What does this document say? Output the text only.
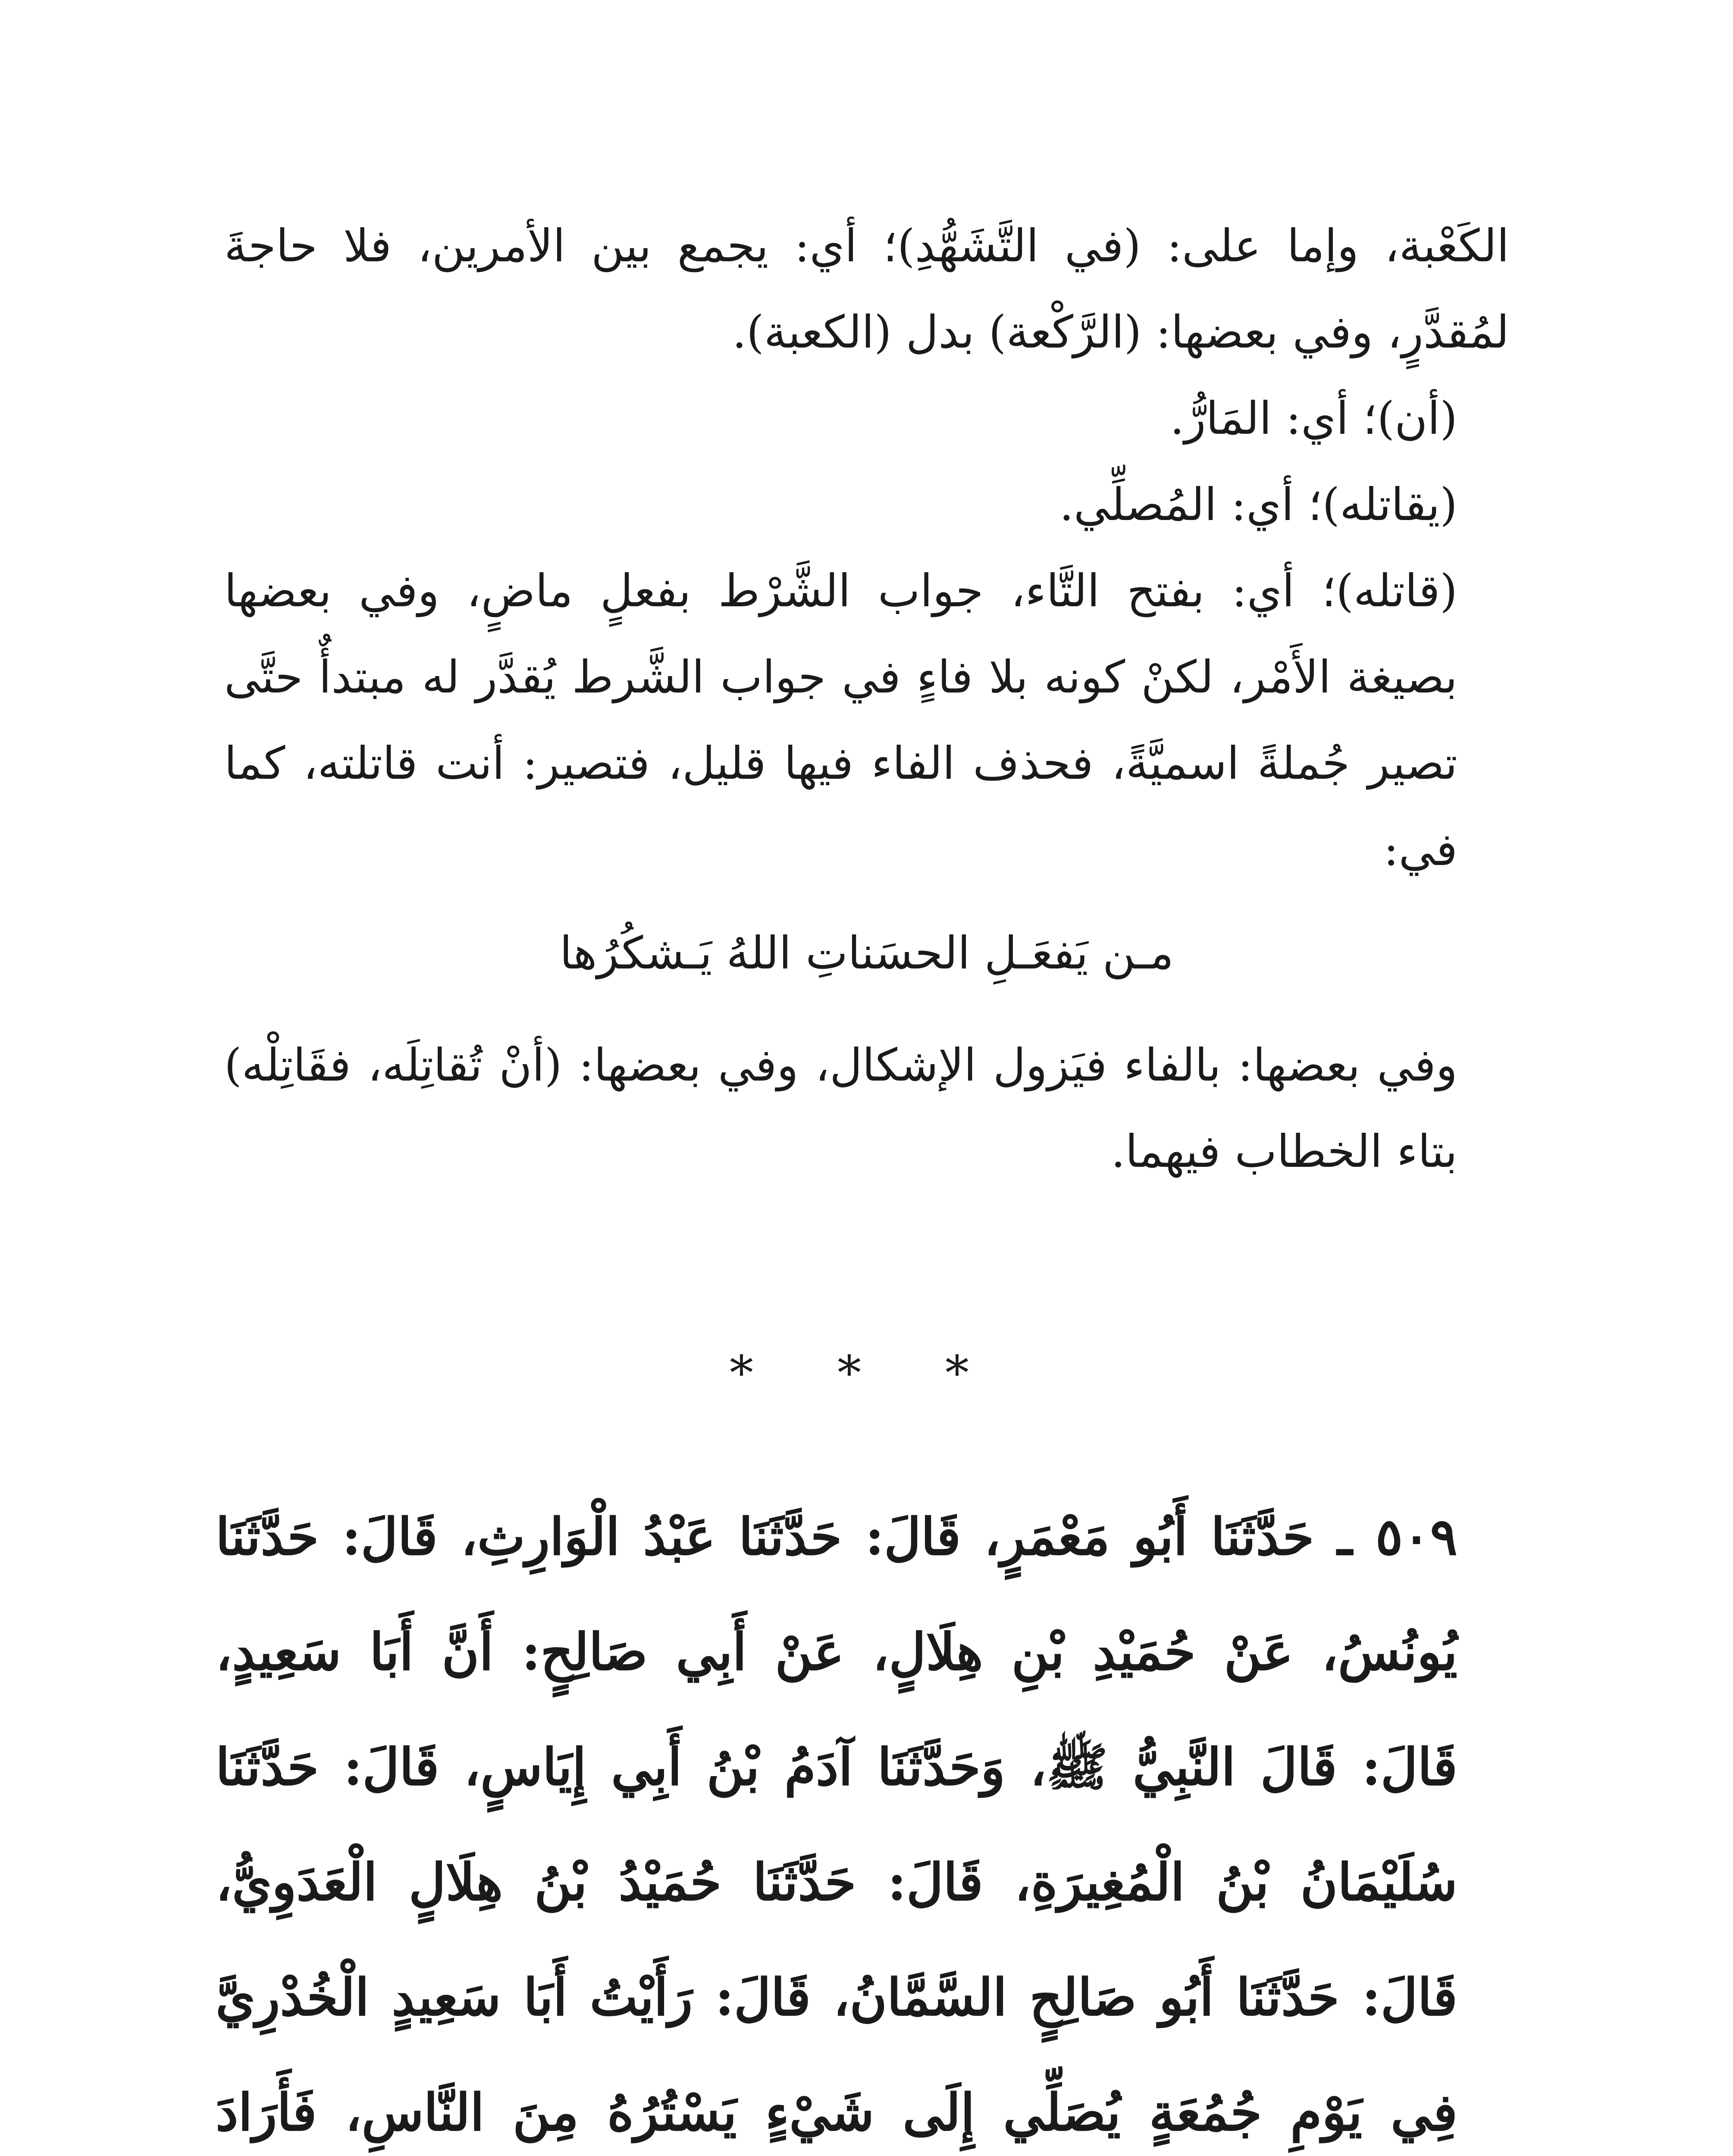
الكَعْبة، وإما على: (في التَّشَهُّدِ)؛ أي: يجمع بين الأمرين، فلا حاجةَ لمُقدَّرٍ، وفي بعضها: (الرَّكْعة) بدل (الكعبة).

(أن)؛ أي: المَارُّ.

(يقاتله)؛ أي: المُصلِّي.

(قاتله)؛ أي: بفتح التَّاء، جواب الشَّرْط بفعلٍ ماضٍ، وفي بعضها بصيغة الأَمْر، لكنْ كونه بلا فاءٍ في جواب الشَّرط يُقدَّر له مبتدأٌ حتَّى تصير جُملةً اسميَّةً، فحذف الفاء فيها قليل، فتصير: أنت قاتلته، كما في:

مـن يَفعَـلِ الحسَناتِ اللهُ يَـشكُرُها

وفي بعضها: بالفاء فيَزول الإشكال، وفي بعضها: (أنْ تُقاتِلَه، فقَاتِلْه) بتاء الخطاب فيهما.

* * *

٥٠٩ ـ حَدَّثَنَا أَبُو مَعْمَرٍ، قَالَ: حَدَّثَنَا عَبْدُ الْوَارِثِ، قَالَ: حَدَّثَنَا يُونُسُ، عَنْ حُمَيْدِ بْنِ هِلَالٍ، عَنْ أَبِي صَالِحٍ: أَنَّ أَبَا سَعِيدٍ، قَالَ: قَالَ النَّبِيُّ ﷺ، وَحَدَّثَنَا آدَمُ بْنُ أَبِي إِيَاسٍ، قَالَ: حَدَّثَنَا سُلَيْمَانُ بْنُ الْمُغِيرَةِ، قَالَ: حَدَّثَنَا حُمَيْدُ بْنُ هِلَالٍ الْعَدَوِيُّ، قَالَ: حَدَّثَنَا أَبُو صَالِحٍ السَّمَّانُ، قَالَ: رَأَيْتُ أَبَا سَعِيدٍ الْخُدْرِيَّ فِي يَوْمِ جُمُعَةٍ يُصَلِّي إِلَى شَيْءٍ يَسْتُرُهُ مِنَ النَّاسِ، فَأَرَادَ
